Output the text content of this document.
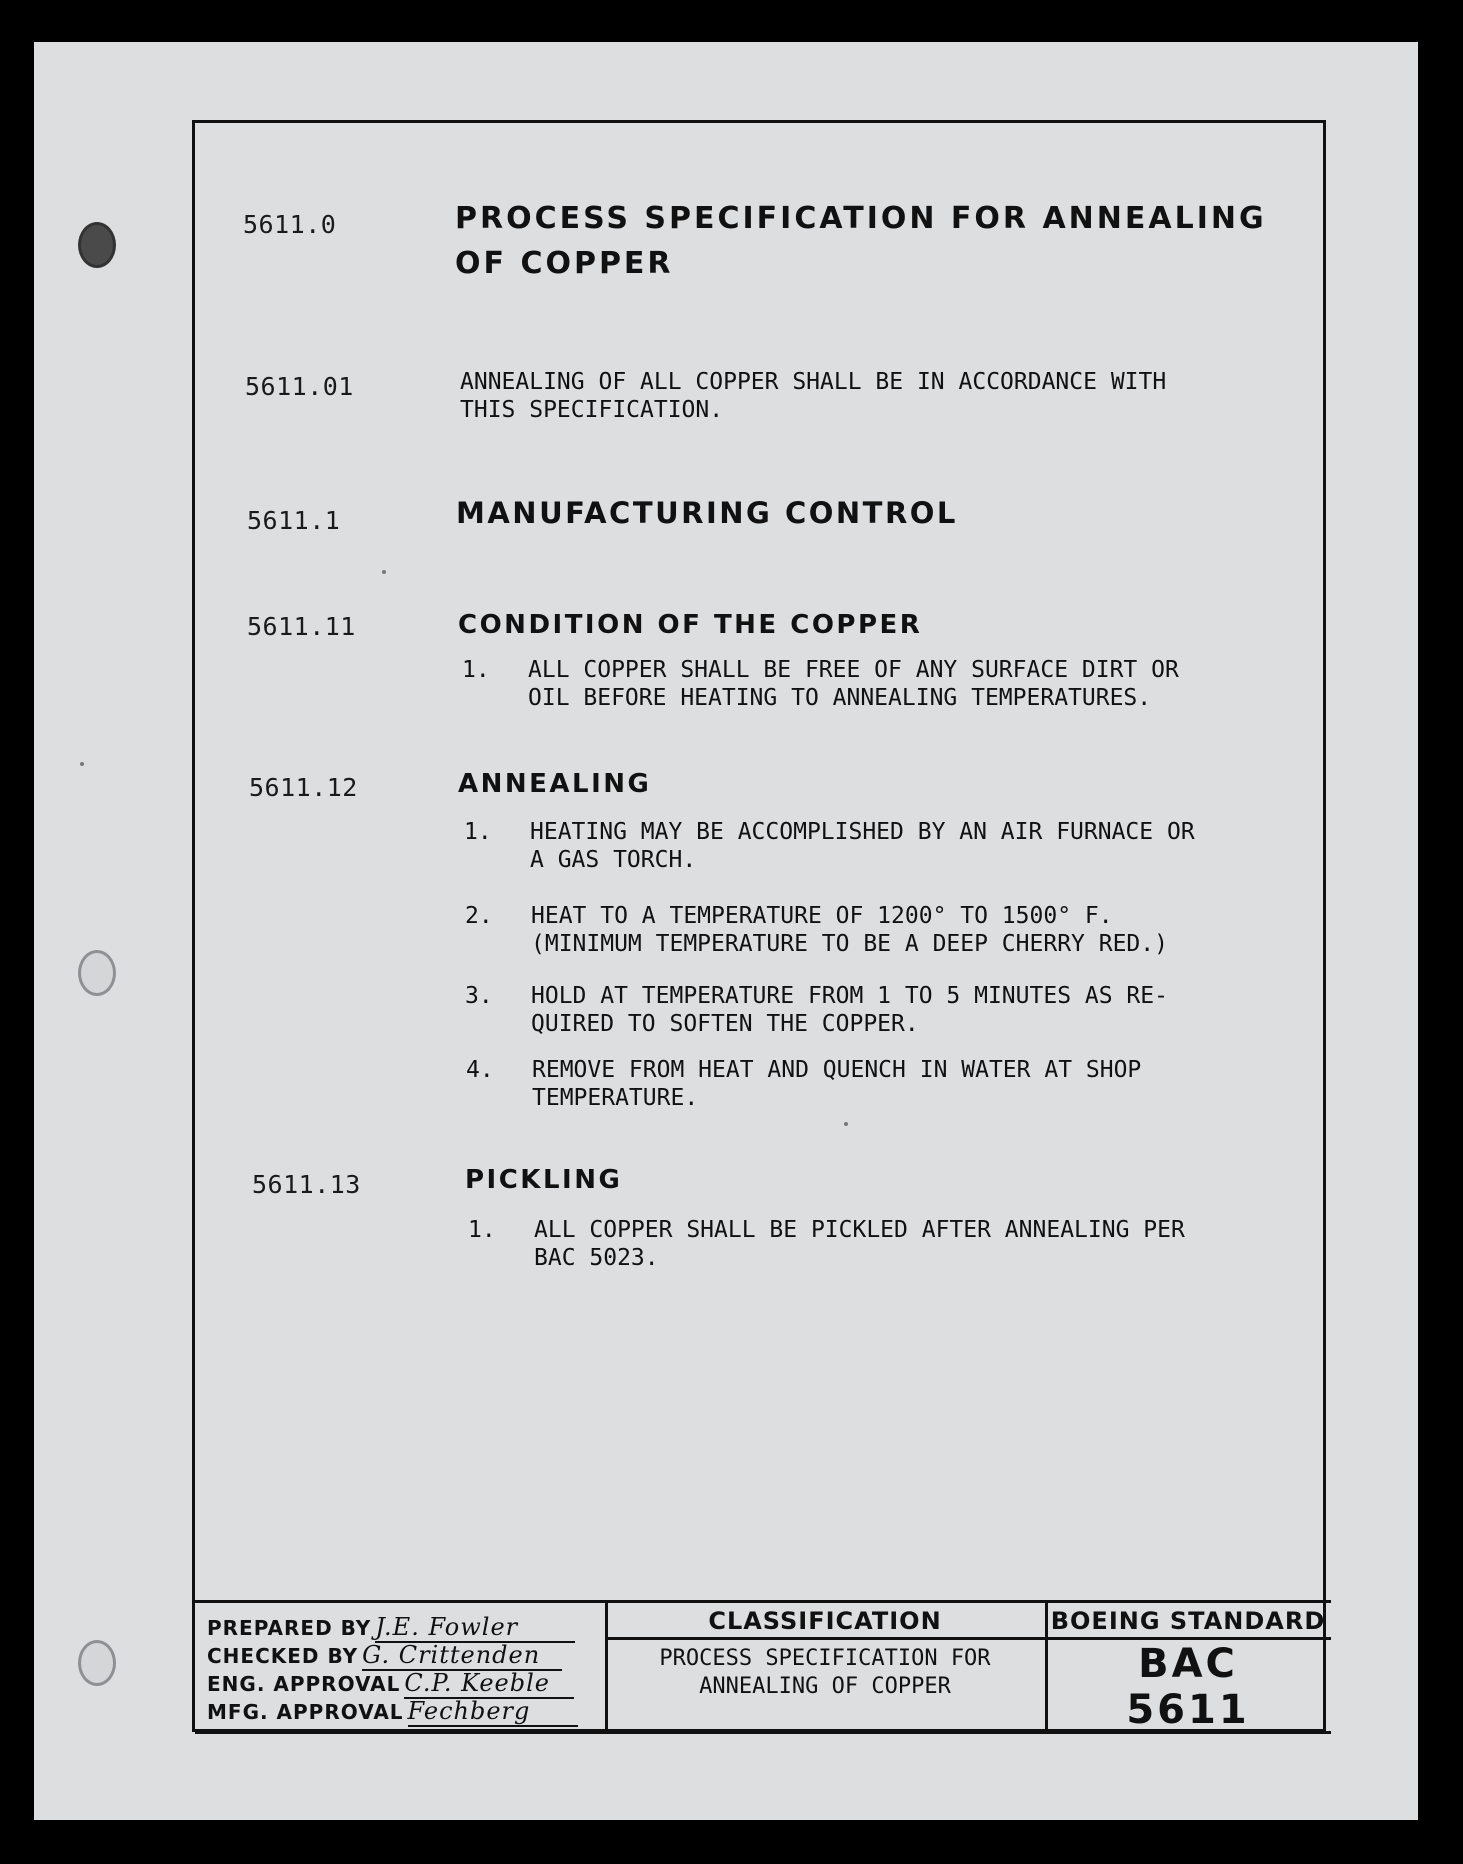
5611.0	PROCESS SPECIFICATION FOR ANNEALING
OF COPPER
5611.01	ANNEALING OF ALL COPPER SHALL BE IN ACCORDANCE WITH
THIS SPECIFICATION.
5611.1	MANUFACTURING CONTROL
5611.11	CONDITION OF THE COPPER
1. ALL COPPER SHALL BE FREE OF ANY SURFACE DIRT OR
OIL BEFORE HEATING TO ANNEALING TEMPERATURES.
5611.12	ANNEALING
1. HEATING MAY BE ACCOMPLISHED BY AN AIR FURNACE OR
A GAS TORCH.
2. HEAT TO A TEMPERATURE OF 1200° TO 1500° F.
(MINIMUM TEMPERATURE TO BE A DEEP CHERRY RED.)
3. HOLD AT TEMPERATURE FROM 1 TO 5 MINUTES AS RE-
QUIRED TO SOFTEN THE COPPER.
4. REMOVE FROM HEAT AND QUENCH IN WATER AT SHOP
TEMPERATURE.
5611.13	PICKLING
1. ALL COPPER SHALL BE PICKLED AFTER ANNEALING PER
BAC 5023.
PREPARED BY J.E. Fowler
CHECKED BY G. Crittenden
ENG. APPROVAL C.P. Keeble
MFG. APPROVAL Fechberg
CLASSIFICATION
PROCESS SPECIFICATION FOR
ANNEALING OF COPPER
BOEING STANDARD
BAC
5611
